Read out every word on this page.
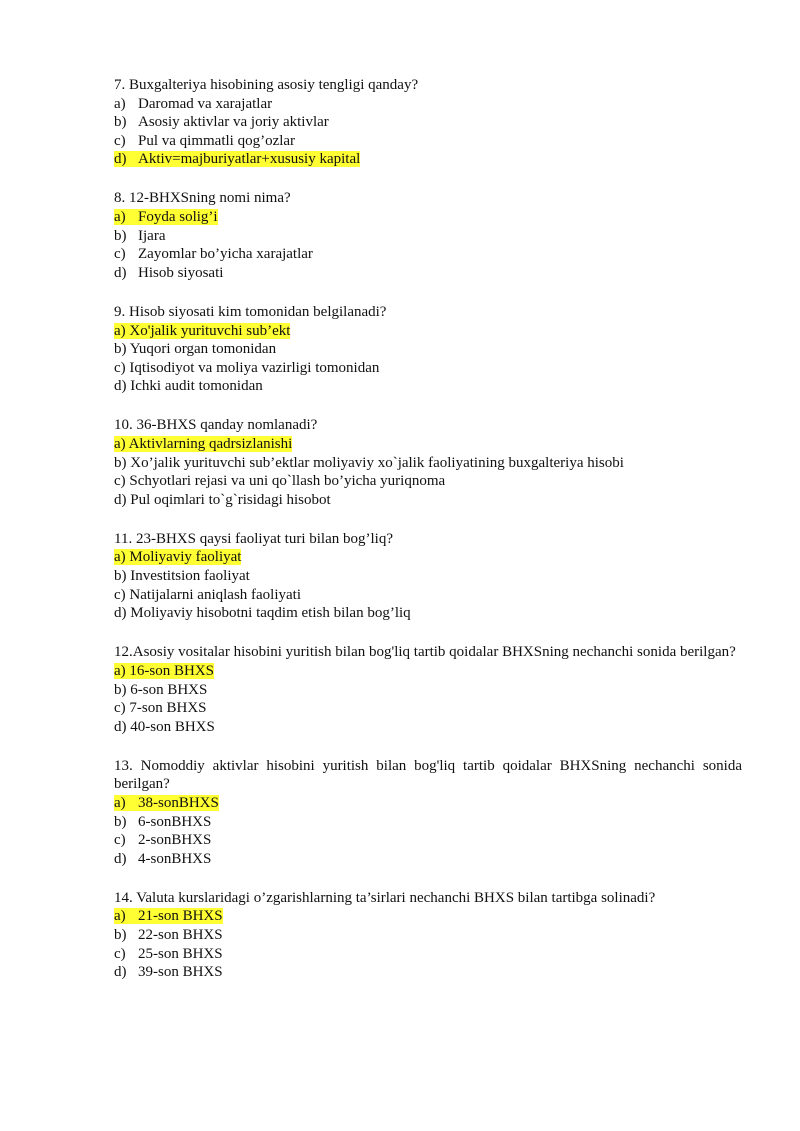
7. Buxgalteriya hisobining asosiy tengligi qanday?
a) Daromad va xarajatlar
b) Asosiy aktivlar va joriy aktivlar
c) Pul va qimmatli qog’ozlar
d) Aktiv=majburiyatlar+xususiy kapital
8. 12-BHXSning nomi nima?
a) Foyda solig’i
b) Ijara
c) Zayomlar bo’yicha xarajatlar
d) Hisob siyosati
9. Hisob siyosati kim tomonidan belgilanadi?
a) Xo'jalik yurituvchi sub’ekt
b) Yuqori organ tomonidan
c) Iqtisodiyot va moliya vazirligi tomonidan
d) Ichki audit tomonidan
10. 36-BHXS qanday nomlanadi?
a) Aktivlarning qadrsizlanishi
b) Xo’jalik yurituvchi sub’ektlar moliyaviy xo`jalik faoliyatining buxgalteriya hisobi
c) Schyotlari rejasi va uni qo`llash bo’yicha yuriqnoma
d) Pul oqimlari to`g`risidagi hisobot
11. 23-BHXS qaysi faoliyat turi bilan bog’liq?
a) Moliyaviy faoliyat
b) Investitsion faoliyat
c) Natijalarni aniqlash faoliyati
d) Moliyaviy hisobotni taqdim etish bilan bog’liq
12.Asosiy vositalar hisobini yuritish bilan bog'liq tartib qoidalar BHXSning nechanchi sonida berilgan?
a) 16-son BHXS
b) 6-son BHXS
c) 7-son BHXS
d) 40-son BHXS
13. Nomoddiy aktivlar hisobini yuritish bilan bog'liq tartib qoidalar BHXSning nechanchi sonida berilgan?
a) 38-sonBHXS
b) 6-sonBHXS
c) 2-sonBHXS
d) 4-sonBHXS
14. Valuta kurslaridagi o’zgarishlarning ta’sirlari nechanchi BHXS bilan tartibga solinadi?
a) 21-son BHXS
b) 22-son BHXS
c) 25-son BHXS
d) 39-son BHXS
